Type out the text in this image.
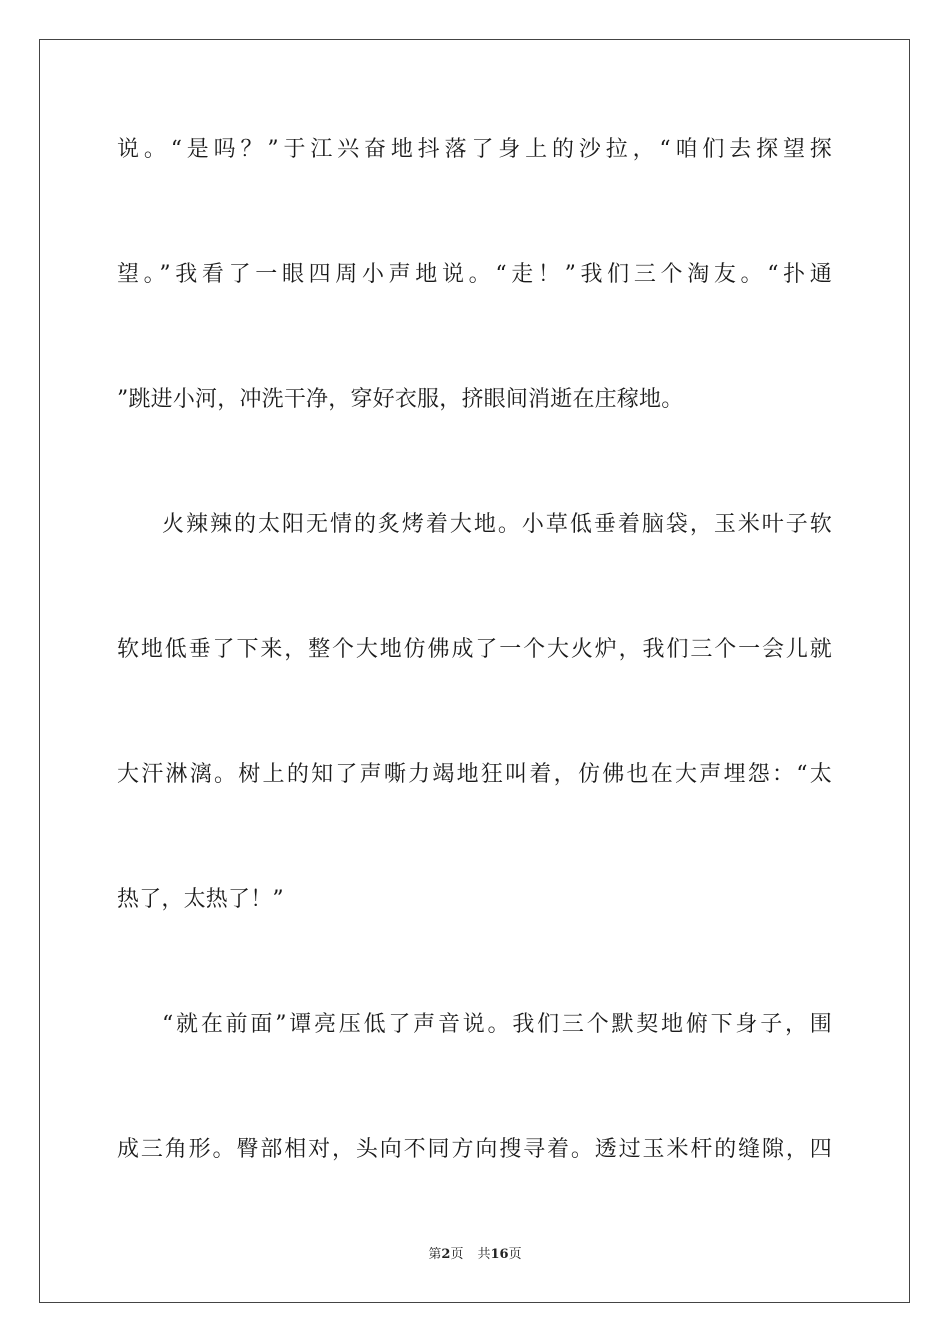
说。“是吗？”于江兴奋地抖落了身上的沙拉，“咱们去探望探
望。”我看了一眼四周小声地说。“走！”我们三个淘友。“扑通
”跳进小河，冲洗干净，穿好衣服，挤眼间消逝在庄稼地。
火辣辣的太阳无情的炙烤着大地。小草低垂着脑袋，玉米叶子软
软地低垂了下来，整个大地仿佛成了一个大火炉，我们三个一会儿就
大汗淋漓。树上的知了声嘶力竭地狂叫着，仿佛也在大声埋怨：“太
热了，太热了！”
“就在前面”谭亮压低了声音说。我们三个默契地俯下身子，围
成三角形。臀部相对，头向不同方向搜寻着。透过玉米杆的缝隙，四
第2页 共16页
